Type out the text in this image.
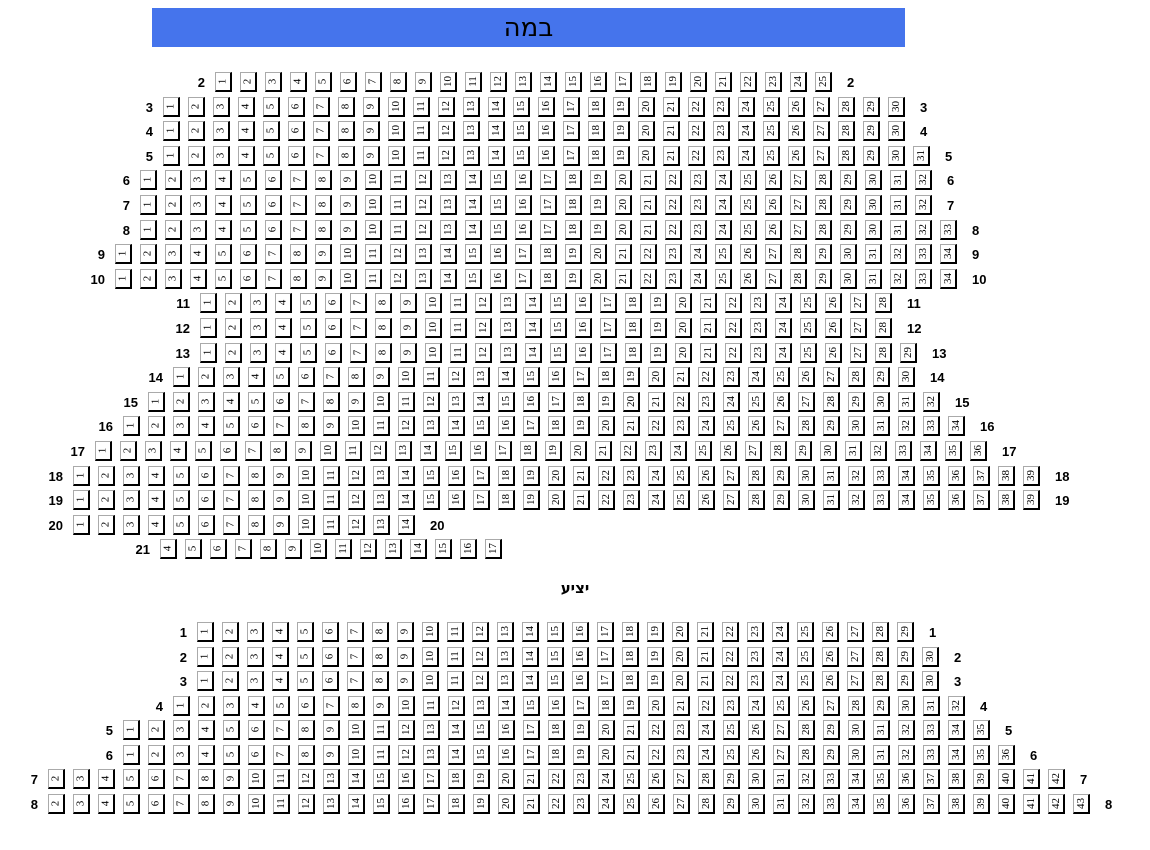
במה
יציע
2 1 2 3 4 5 6 7 8 9 10 11 12 13 14 15 16 17 18 19 20 21 22 23 24 25 2
3 1 2 3 4 5 6 7 8 9 10 11 12 13 14 15 16 17 18 19 20 21 22 23 24 25 26 27 28 29 30 3
4 1 2 3 4 5 6 7 8 9 10 11 12 13 14 15 16 17 18 19 20 21 22 23 24 25 26 27 28 29 30 4
5 1 2 3 4 5 6 7 8 9 10 11 12 13 14 15 16 17 18 19 20 21 22 23 24 25 26 27 28 29 30 31 5
6 1 2 3 4 5 6 7 8 9 10 11 12 13 14 15 16 17 18 19 20 21 22 23 24 25 26 27 28 29 30 31 32 6
7 1 2 3 4 5 6 7 8 9 10 11 12 13 14 15 16 17 18 19 20 21 22 23 24 25 26 27 28 29 30 31 32 7
8 1 2 3 4 5 6 7 8 9 10 11 12 13 14 15 16 17 18 19 20 21 22 23 24 25 26 27 28 29 30 31 32 33 8
9 1 2 3 4 5 6 7 8 9 10 11 12 13 14 15 16 17 18 19 20 21 22 23 24 25 26 27 28 29 30 31 32 33 34 9
10 1 2 3 4 5 6 7 8 9 10 11 12 13 14 15 16 17 18 19 20 21 22 23 24 25 26 27 28 29 30 31 32 33 34 10
11 1 2 3 4 5 6 7 8 9 10 11 12 13 14 15 16 17 18 19 20 21 22 23 24 25 26 27 28 11
12 1 2 3 4 5 6 7 8 9 10 11 12 13 14 15 16 17 18 19 20 21 22 23 24 25 26 27 28 12
13 1 2 3 4 5 6 7 8 9 10 11 12 13 14 15 16 17 18 19 20 21 22 23 24 25 26 27 28 29 13
14 1 2 3 4 5 6 7 8 9 10 11 12 13 14 15 16 17 18 19 20 21 22 23 24 25 26 27 28 29 30 14
15 1 2 3 4 5 6 7 8 9 10 11 12 13 14 15 16 17 18 19 20 21 22 23 24 25 26 27 28 29 30 31 32 15
16 1 2 3 4 5 6 7 8 9 10 11 12 13 14 15 16 17 18 19 20 21 22 23 24 25 26 27 28 29 30 31 32 33 34 16
17 1 2 3 4 5 6 7 8 9 10 11 12 13 14 15 16 17 18 19 20 21 22 23 24 25 26 27 28 29 30 31 32 33 34 35 36 17
18 1 2 3 4 5 6 7 8 9 10 11 12 13 14 15 16 17 18 19 20 21 22 23 24 25 26 27 28 29 30 31 32 33 34 35 36 37 38 39 18
19 1 2 3 4 5 6 7 8 9 10 11 12 13 14 15 16 17 18 19 20 21 22 23 24 25 26 27 28 29 30 31 32 33 34 35 36 37 38 39 19
20 1 2 3 4 5 6 7 8 9 10 11 12 13 14 20
21 4 5 6 7 8 9 10 11 12 13 14 15 16 17
1 1 2 3 4 5 6 7 8 9 10 11 12 13 14 15 16 17 18 19 20 21 22 23 24 25 26 27 28 29 1
2 1 2 3 4 5 6 7 8 9 10 11 12 13 14 15 16 17 18 19 20 21 22 23 24 25 26 27 28 29 30 2
3 1 2 3 4 5 6 7 8 9 10 11 12 13 14 15 16 17 18 19 20 21 22 23 24 25 26 27 28 29 30 3
4 1 2 3 4 5 6 7 8 9 10 11 12 13 14 15 16 17 18 19 20 21 22 23 24 25 26 27 28 29 30 31 32 4
5 1 2 3 4 5 6 7 8 9 10 11 12 13 14 15 16 17 18 19 20 21 22 23 24 25 26 27 28 29 30 31 32 33 34 35 5
6 1 2 3 4 5 6 7 8 9 10 11 12 13 14 15 16 17 18 19 20 21 22 23 24 25 26 27 28 29 30 31 32 33 34 35 36 6
7 2 3 4 5 6 7 8 9 10 11 12 13 14 15 16 17 18 19 20 21 22 23 24 25 26 27 28 29 30 31 32 33 34 35 36 37 38 39 40 41 42 7
8 2 3 4 5 6 7 8 9 10 11 12 13 14 15 16 17 18 19 20 21 22 23 24 25 26 27 28 29 30 31 32 33 34 35 36 37 38 39 40 41 42 43 8
